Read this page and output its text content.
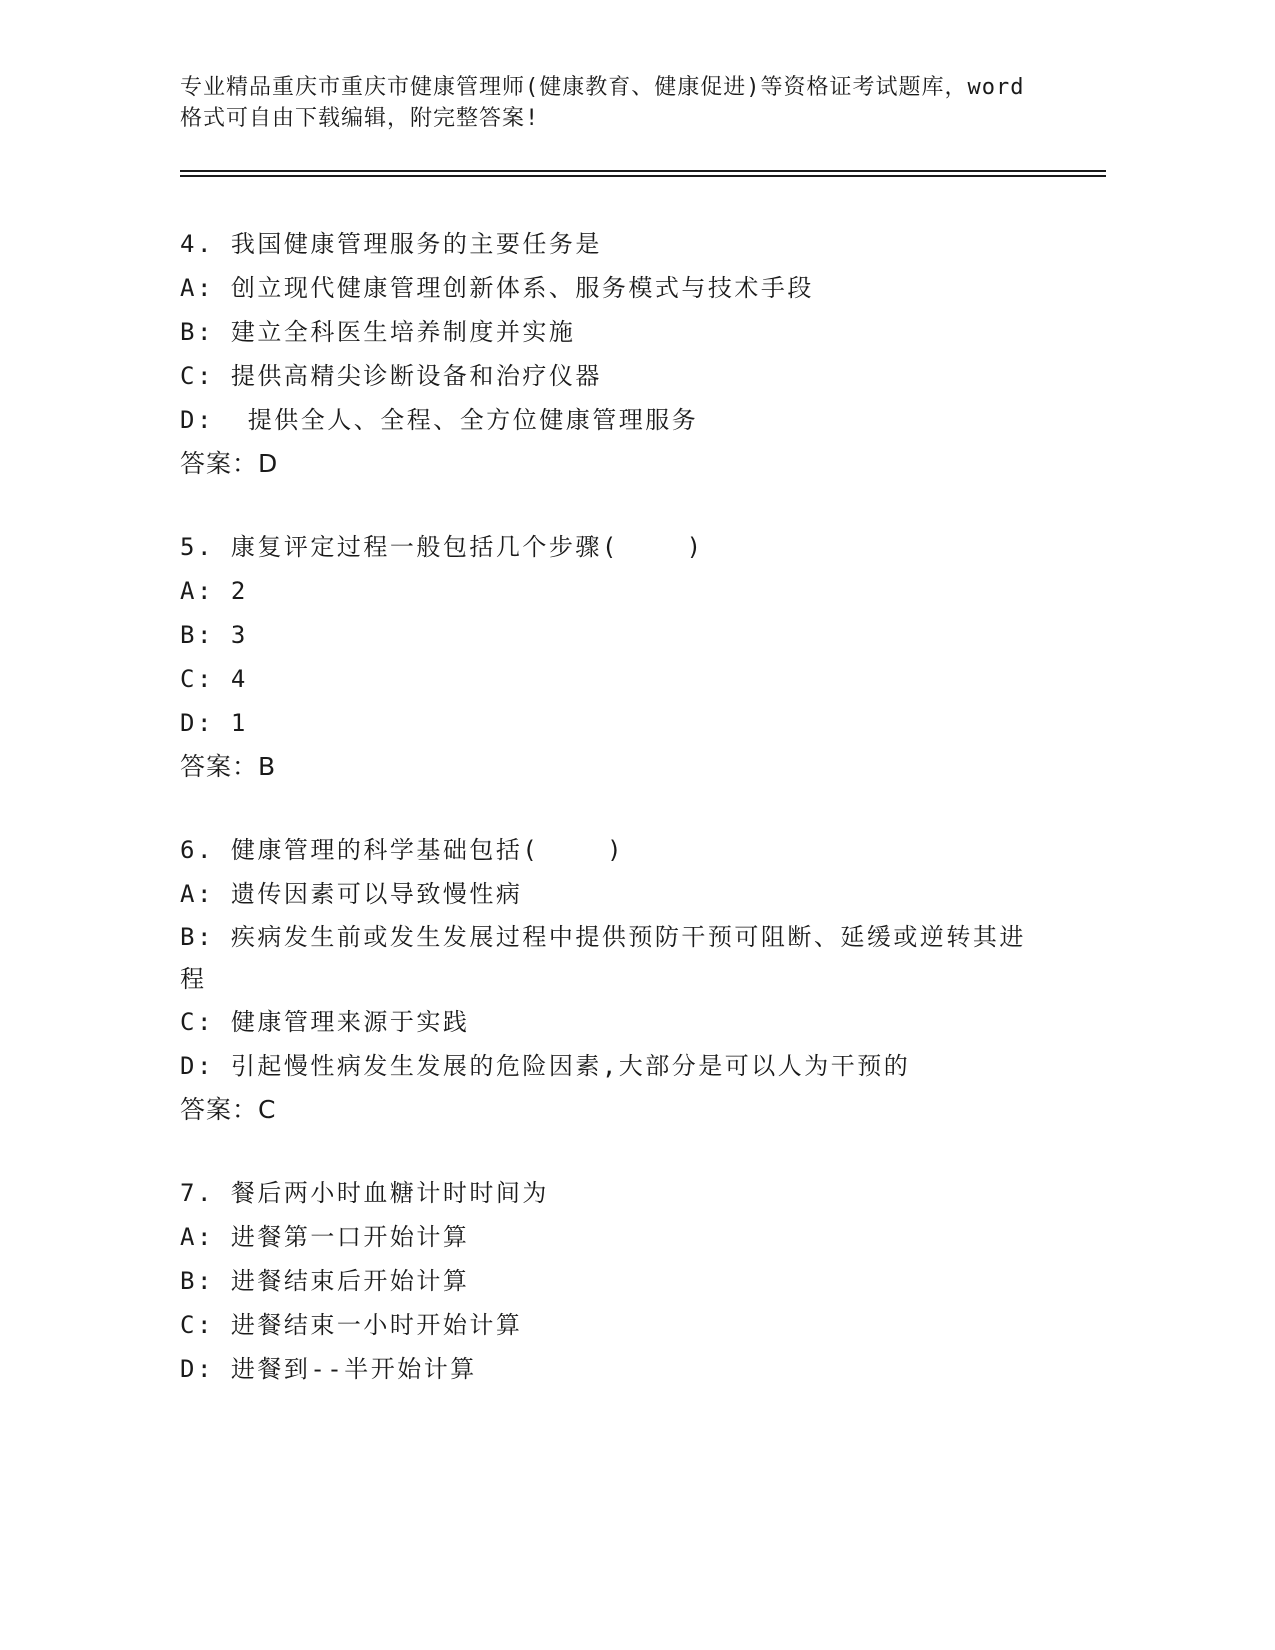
专业精品重庆市重庆市健康管理师(健康教育、健康促进)等资格证考试题库，word
格式可自由下载编辑，附完整答案!
4. 我国健康管理服务的主要任务是
A: 创立现代健康管理创新体系、服务模式与技术手段
B: 建立全科医生培养制度并实施
C: 提供高精尖诊断设备和治疗仪器
D:  提供全人、全程、全方位健康管理服务
答案：D
5. 康复评定过程一般包括几个步骤(    )
A: 2
B: 3
C: 4
D: 1
答案：B
6. 健康管理的科学基础包括(    )
A: 遗传因素可以导致慢性病
B: 疾病发生前或发生发展过程中提供预防干预可阻断、延缓或逆转其进程
C: 健康管理来源于实践
D: 引起慢性病发生发展的危险因素,大部分是可以人为干预的
答案：C
7. 餐后两小时血糖计时时间为
A: 进餐第一口开始计算
B: 进餐结束后开始计算
C: 进餐结束一小时开始计算
D: 进餐到--半开始计算
